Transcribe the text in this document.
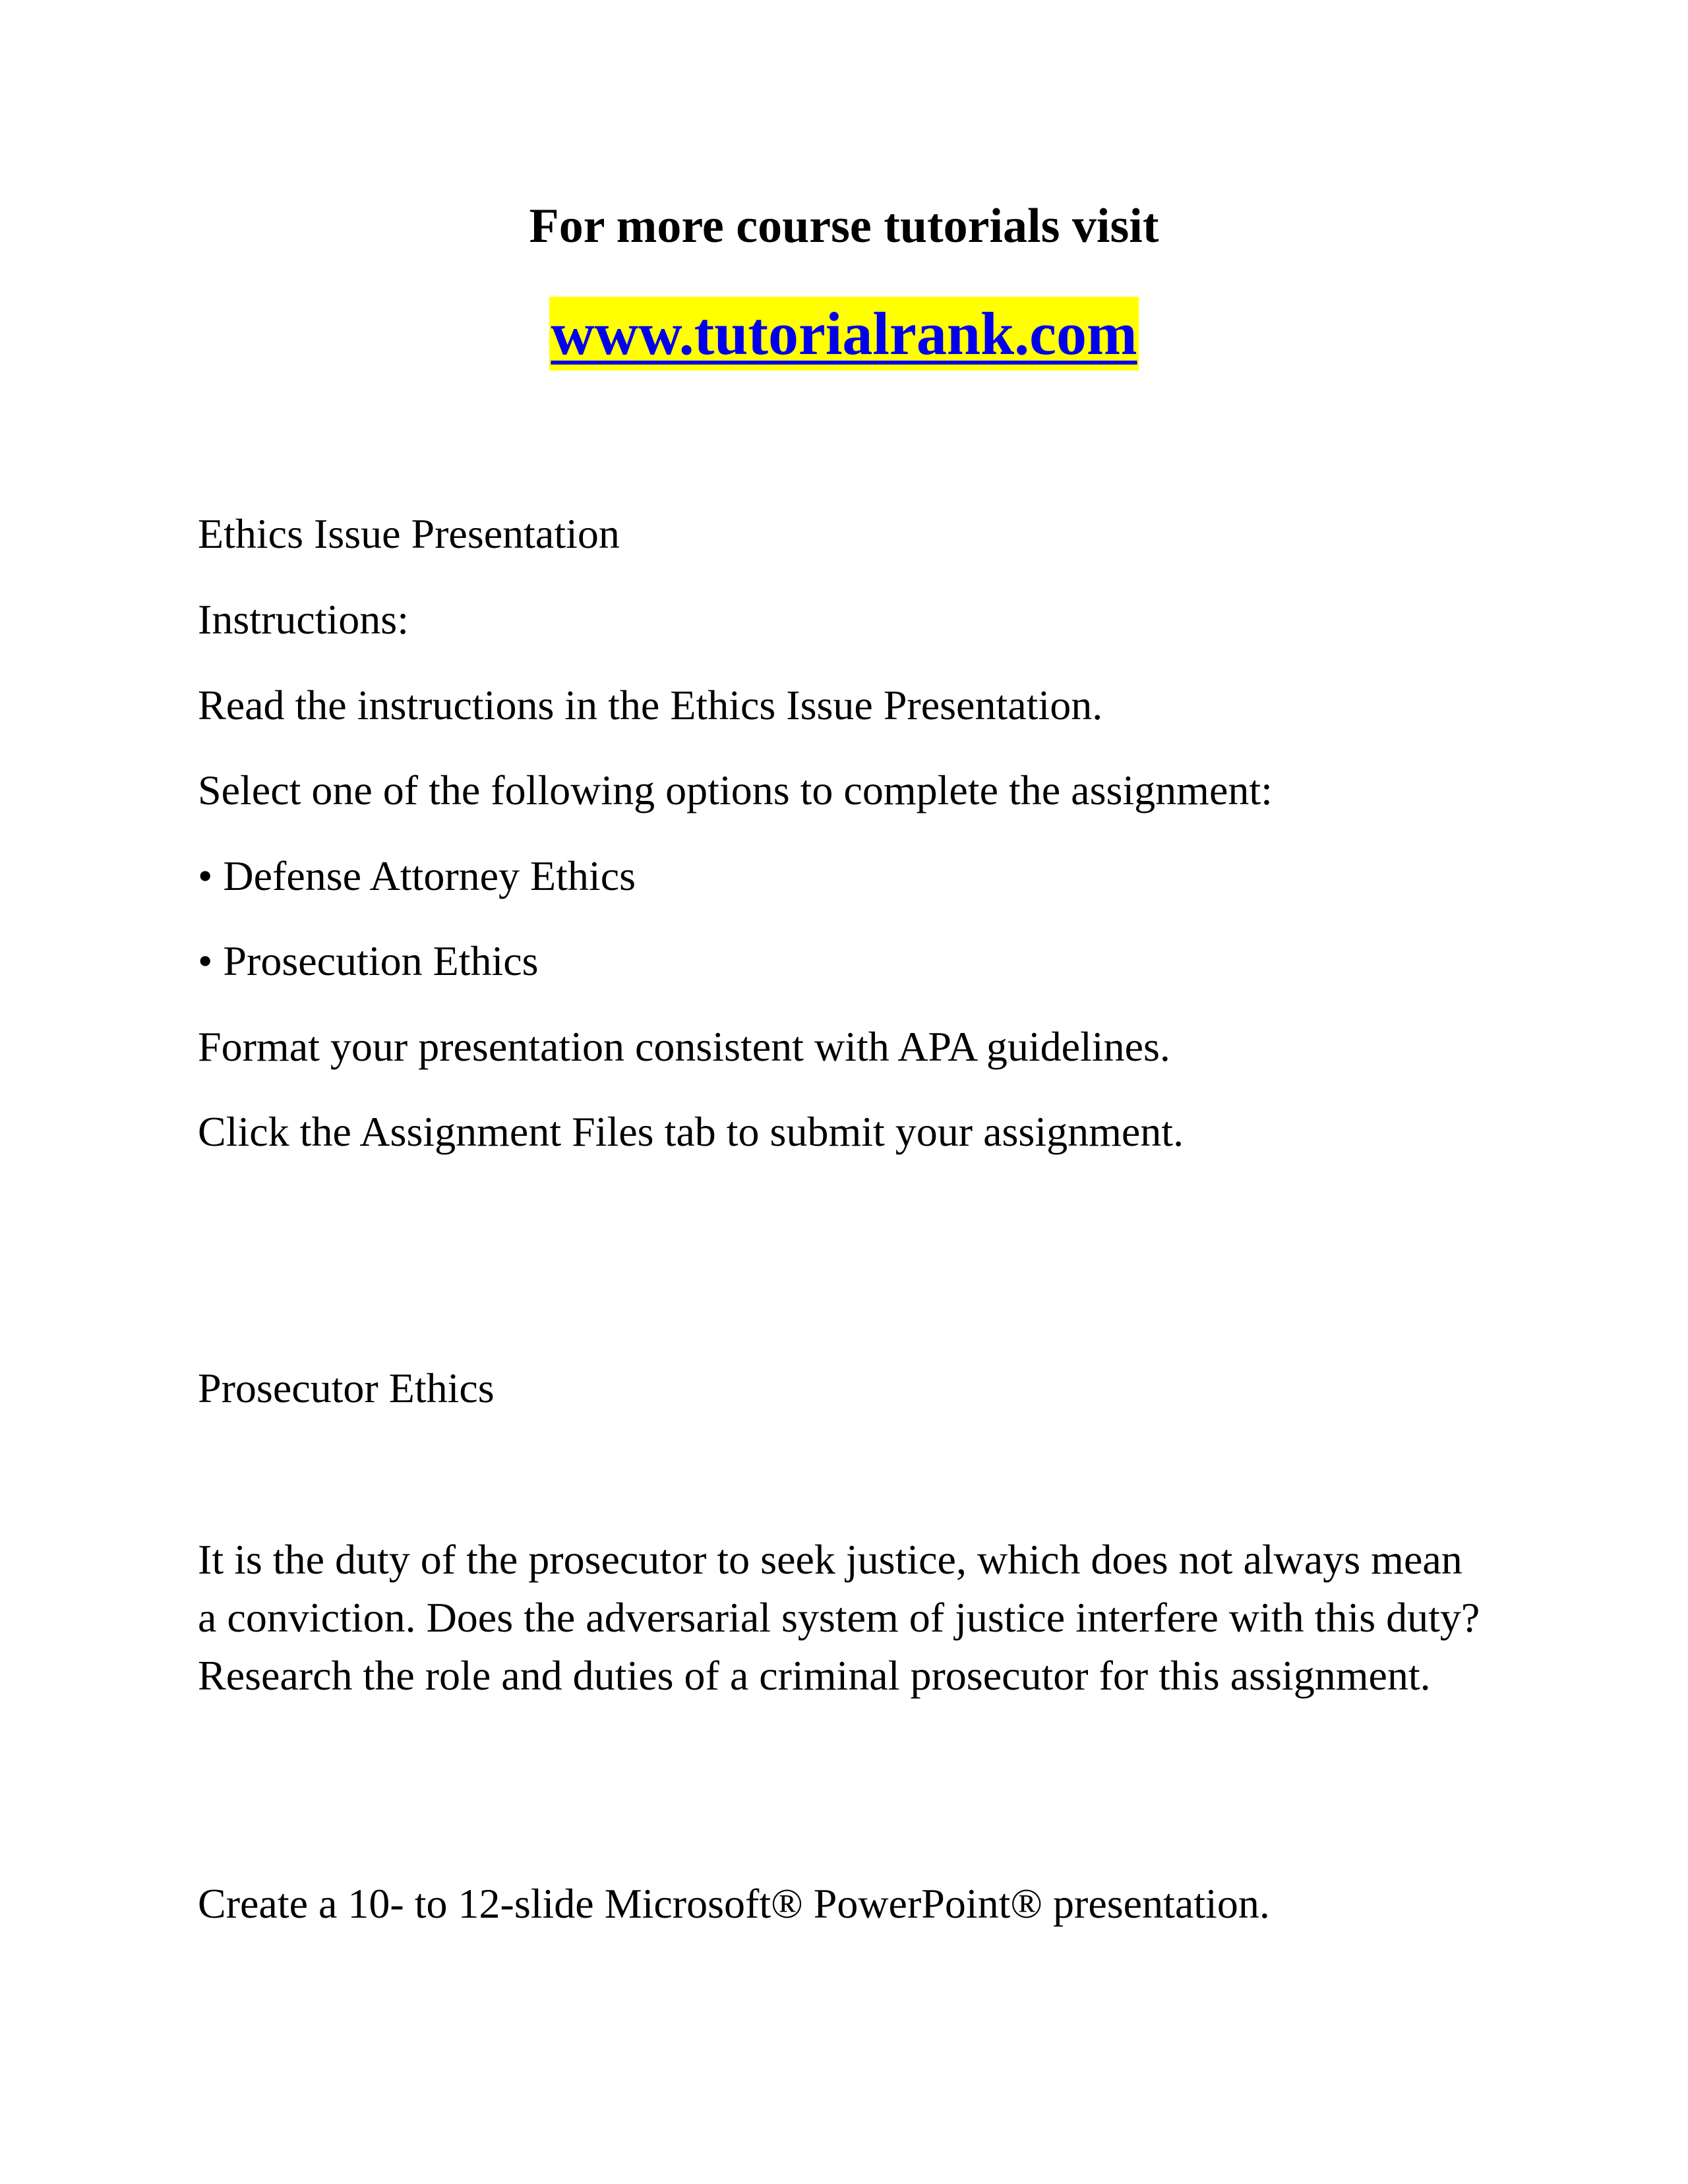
For more course tutorials visit
www.tutorialrank.com
Ethics Issue Presentation
Instructions:
Read the instructions in the Ethics Issue Presentation.
Select one of the following options to complete the assignment:
• Defense Attorney Ethics
• Prosecution Ethics
Format your presentation consistent with APA guidelines.
Click the Assignment Files tab to submit your assignment.
Prosecutor Ethics
It is the duty of the prosecutor to seek justice, which does not always mean a conviction. Does the adversarial system of justice interfere with this duty? Research the role and duties of a criminal prosecutor for this assignment.
Create a 10- to 12-slide Microsoft® PowerPoint® presentation.
